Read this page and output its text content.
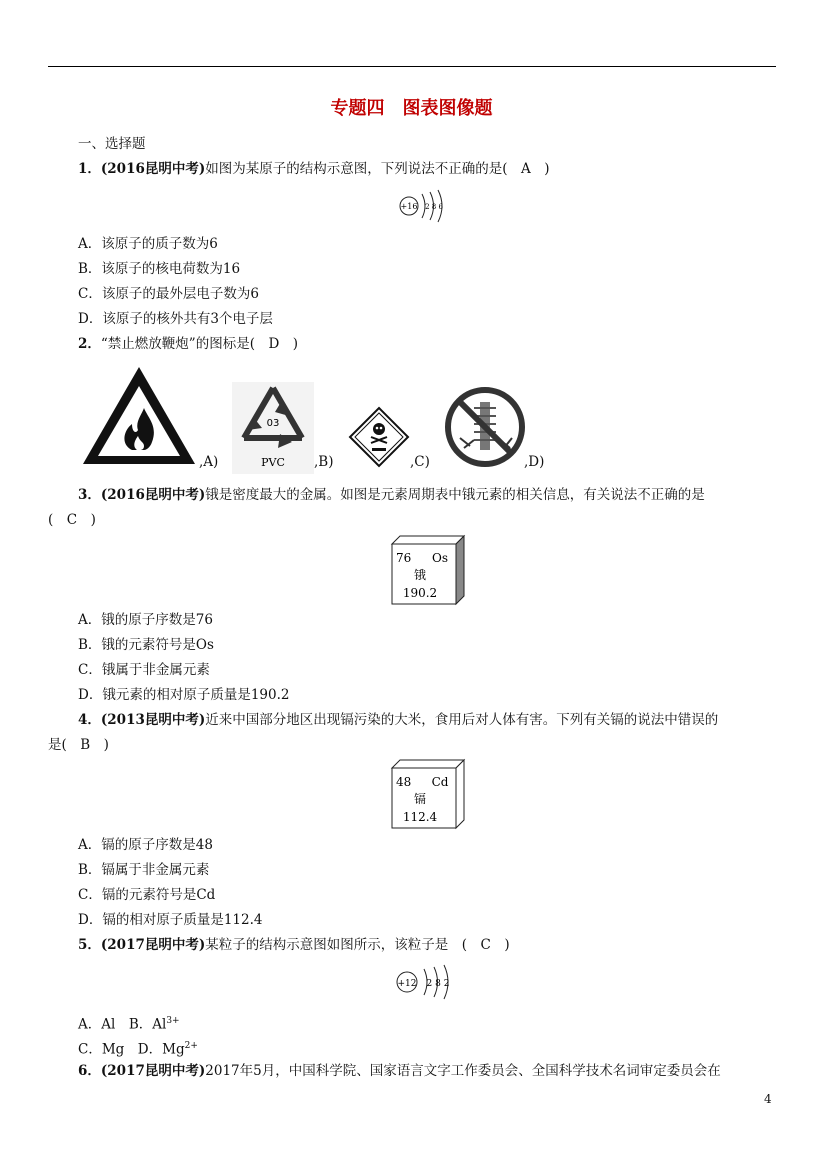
专题四　图表图像题
一、选择题
1．(2016昆明中考)如图为某原子的结构示意图，下列说法不正确的是(　A　)
+16 2 8 6
A．该原子的质子数为6
B．该原子的核电荷数为16
C．该原子的最外层电子数为6
D．该原子的核外共有3个电子层
2．“禁止燃放鞭炮”的图标是(　D　)
,A)
03
PVC ,B)	,C)	,D)
3．(2016昆明中考)锇是密度最大的金属。如图是元素周期表中锇元素的相关信息，有关说法不正确的是
(　C　)
76 Os
锇
190.2
A．锇的原子序数是76
B．锇的元素符号是Os
C．锇属于非金属元素
D．锇元素的相对原子质量是190.2
4．(2013昆明中考)近来中国部分地区出现镉污染的大米，食用后对人体有害。下列有关镉的说法中错误的
是(　B　)
48 Cd
镉
112.4
A．镉的原子序数是48
B．镉属于非金属元素
C．镉的元素符号是Cd
D．镉的相对原子质量是112.4
5．(2017昆明中考)某粒子的结构示意图如图所示，该粒子是　(　C　)
+12 2 8 2
A．Al　B．$Al^{3+}$
C．Mg　D．$Mg^{2+}$
6．(2017昆明中考)2017年5月，中国科学院、国家语言文字工作委员会、全国科学技术名词审定委员会在
4
